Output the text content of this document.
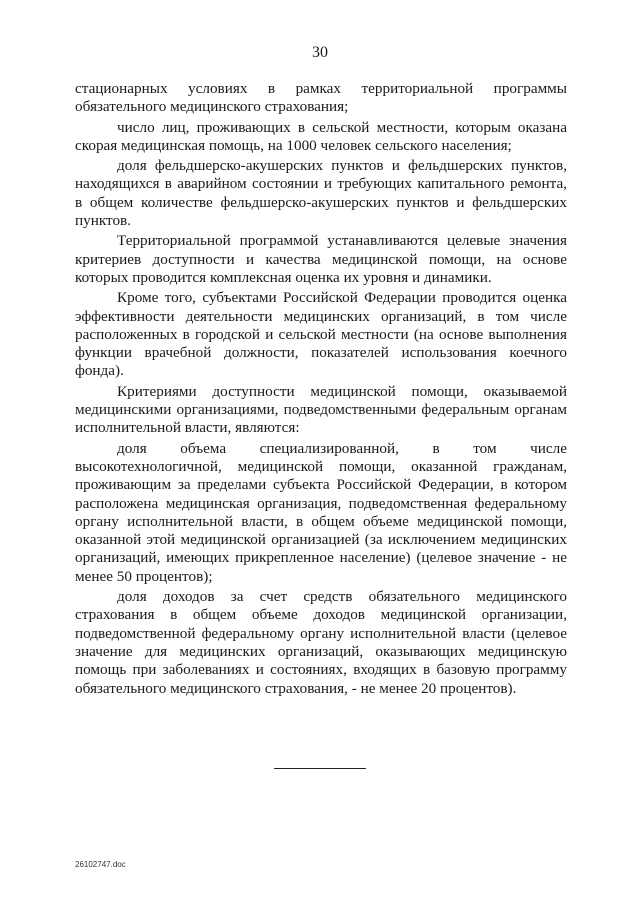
30

стационарных условиях в рамках территориальной программы обязательного медицинского страхования;

число лиц, проживающих в сельской местности, которым оказана скорая медицинская помощь, на 1000 человек сельского населения;

доля фельдшерско-акушерских пунктов и фельдшерских пунктов, находящихся в аварийном состоянии и требующих капитального ремонта, в общем количестве фельдшерско-акушерских пунктов и фельдшерских пунктов.

Территориальной программой устанавливаются целевые значения критериев доступности и качества медицинской помощи, на основе которых проводится комплексная оценка их уровня и динамики.

Кроме того, субъектами Российской Федерации проводится оценка эффективности деятельности медицинских организаций, в том числе расположенных в городской и сельской местности (на основе выполнения функции врачебной должности, показателей использования коечного фонда).

Критериями доступности медицинской помощи, оказываемой медицинскими организациями, подведомственными федеральным органам исполнительной власти, являются:

доля объема специализированной, в том числе высокотехнологичной, медицинской помощи, оказанной гражданам, проживающим за пределами субъекта Российской Федерации, в котором расположена медицинская организация, подведомственная федеральному органу исполнительной власти, в общем объеме медицинской помощи, оказанной этой медицинской организацией (за исключением медицинских организаций, имеющих прикрепленное население) (целевое значение - не менее 50 процентов);

доля доходов за счет средств обязательного медицинского страхования в общем объеме доходов медицинской организации, подведомственной федеральному органу исполнительной власти (целевое значение для медицинских организаций, оказывающих медицинскую помощь при заболеваниях и состояниях, входящих в базовую программу обязательного медицинского страхования, - не менее 20 процентов).

26102747.doc
